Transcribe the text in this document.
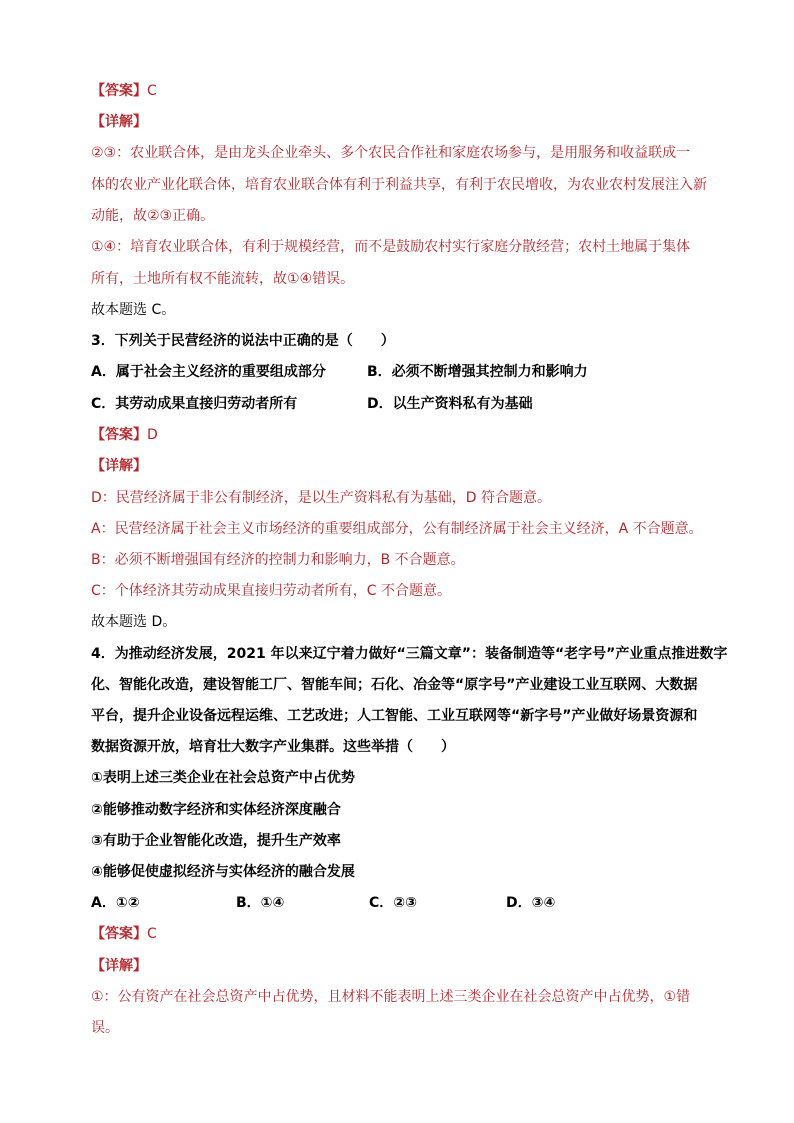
【答案】C

【详解】

②③：农业联合体，是由龙头企业牵头、多个农民合作社和家庭农场参与，是用服务和收益联成一

体的农业产业化联合体，培育农业联合体有利于利益共享，有利于农民增收，为农业农村发展注入新

动能，故②③正确。

①④：培育农业联合体，有利于规模经营，而不是鼓励农村实行家庭分散经营；农村土地属于集体

所有，土地所有权不能流转，故①④错误。

故本题选 C。

3．下列关于民营经济的说法中正确的是（　　）

A．属于社会主义经济的重要组成部分	B．必须不断增强其控制力和影响力
C．其劳动成果直接归劳动者所有	D．以生产资料私有为基础

【答案】D

【详解】

D：民营经济属于非公有制经济，是以生产资料私有为基础，D 符合题意。

A：民营经济属于社会主义市场经济的重要组成部分，公有制经济属于社会主义经济，A 不合题意。

B：必须不断增强国有经济的控制力和影响力，B 不合题意。

C：个体经济其劳动成果直接归劳动者所有，C 不合题意。

故本题选 D。

4．为推动经济发展，2021 年以来辽宁着力做好“三篇文章”：装备制造等“老字号”产业重点推进数字

化、智能化改造，建设智能工厂、智能车间；石化、冶金等“原字号”产业建设工业互联网、大数据

平台，提升企业设备远程运维、工艺改进；人工智能、工业互联网等“新字号”产业做好场景资源和

数据资源开放，培育壮大数字产业集群。这些举措（　　）

①表明上述三类企业在社会总资产中占优势

②能够推动数字经济和实体经济深度融合

③有助于企业智能化改造，提升生产效率

④能够促使虚拟经济与实体经济的融合发展

A．①②	B．①④	C．②③	D．③④

【答案】C

【详解】

①：公有资产在社会总资产中占优势，且材料不能表明上述三类企业在社会总资产中占优势，①错

误。
